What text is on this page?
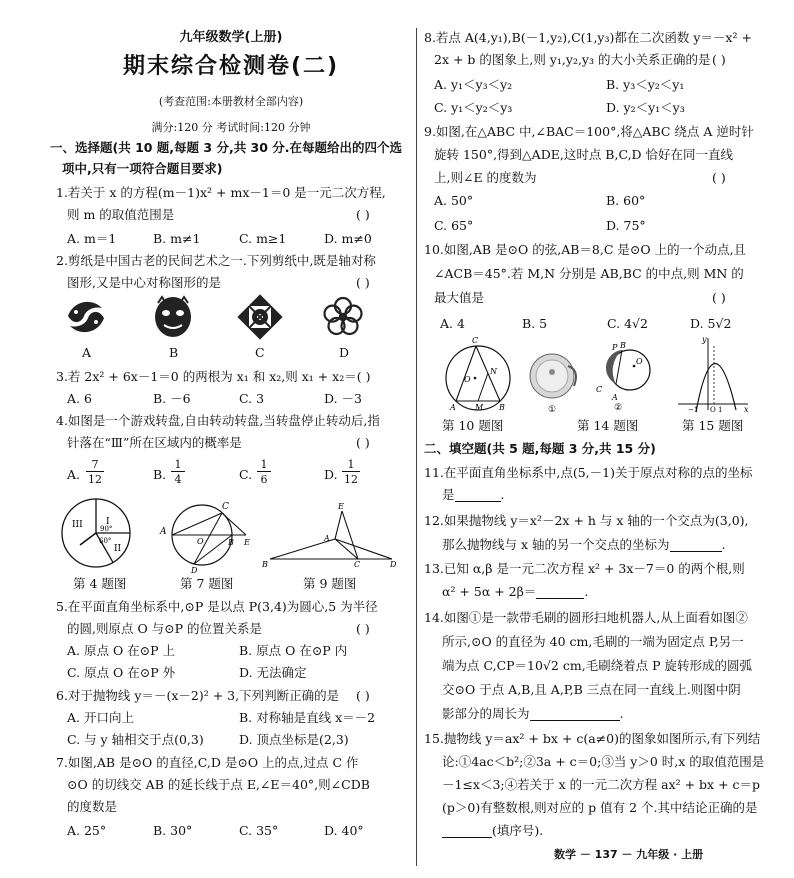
九年级数学(上册)
期末综合检测卷(二)
(考查范围:本册教材全部内容)
满分:120 分 考试时间:120 分钟
一、选择题(共 10 题,每题 3 分,共 30 分.在每题给出的四个选
项中,只有一项符合题目要求)
1.若关于 x 的方程(m－1)x² + mx－1＝0 是一元二次方程,
则 m 的取值范围是	( )
A. m＝1	B. m≠1	C. m≥1	D. m≠0
2.剪纸是中国古老的民间艺术之一.下列剪纸中,既是轴对称
图形,又是中心对称图形的是	( )
A	B	C	D
3.若 2x² + 6x－1＝0 的两根为 x₁ 和 x₂,则 x₁ + x₂＝( )
A. 6	B. －6	C. 3	D. －3
4.如图是一个游戏转盘,自由转动转盘,当转盘停止转动后,指
针落在“Ⅲ”所在区域内的概率是	( )
A.
7
12	B.
1
4	C.
1
6	D.
1
12
I
90°
60°
II
III
A
C
O	B E
D
B
A
E
C	D
第 4 题图	第 7 题图	第 9 题图
5.在平面直角坐标系中,⊙P 是以点 P(3,4)为圆心,5 为半径
的圆,则原点 O 与⊙P 的位置关系是	( )
A. 原点 O 在⊙P 上	B. 原点 O 在⊙P 内
C. 原点 O 在⊙P 外	D. 无法确定
6.对于抛物线 y＝－(x－2)² + 3,下列判断正确的是 ( )
A. 开口向上	B. 对称轴是直线 x＝－2
C. 与 y 轴相交于点(0,3)	D. 顶点坐标是(2,3)
7.如图,AB 是⊙O 的直径,C,D 是⊙O 上的点,过点 C 作
⊙O 的切线交 AB 的延长线于点 E,∠E＝40°,则∠CDB
的度数是
A. 25°	B. 30°	C. 35°	D. 40°
8.若点 A(4,y₁),B(－1,y₂),C(1,y₃)都在二次函数 y＝－x² +
2x + b 的图象上,则 y₁,y₂,y₃ 的大小关系正确的是 ( )
A. y₁＜y₃＜y₂	B. y₃＜y₂＜y₁
C. y₁＜y₂＜y₃	D. y₂＜y₁＜y₃
9.如图,在△ABC 中,∠BAC＝100°,将△ABC 绕点 A 逆时针
旋转 150°,得到△ADE,这时点 B,C,D 恰好在同一直线
上,则∠E 的度数为	( )
A. 50°	B. 60°
C. 65°	D. 75°
10.如图,AB 是⊙O 的弦,AB＝8,C 是⊙O 上的一个动点,且
∠ACB＝45°.若 M,N 分别是 AB,BC 的中点,则 MN 的
最大值是	( )
A. 4	B. 5	C. 4√2	D. 5√2
C
O
N
A M B	①
P
O
B
C
A
②
y
x
−1 O 1
第 10 题图	第 14 题图	第 15 题图
二、填空题(共 5 题,每题 3 分,共 15 分)
11.在平面直角坐标系中,点(5,－1)关于原点对称的点的坐标
是	.
12.如果抛物线 y＝x²－2x + h 与 x 轴的一个交点为(3,0),
那么抛物线与 x 轴的另一个交点的坐标为	.
13.已知 α,β 是一元二次方程 x² + 3x－7＝0 的两个根,则
α² + 5α + 2β＝	.
14.如图①是一款带毛刷的圆形扫地机器人,从上面看如图②
所示,⊙O 的直径为 40 cm,毛刷的一端为固定点 P,另一
端为点 C,CP＝10√2 cm,毛刷绕着点 P 旋转形成的圆弧
交⊙O 于点 A,B,且 A,P,B 三点在同一直线上.则图中阴
影部分的周长为	.
15.抛物线 y＝ax² + bx + c(a≠0)的图象如图所示,有下列结
论:①4ac＜b²;②3a + c＝0;③当 y＞0 时,x 的取值范围是
－1≤x＜3;④若关于 x 的一元二次方程 ax² + bx + c＝p
(p＞0)有整数根,则对应的 p 值有 2 个.其中结论正确的是
(填序号).
数学 － 137 － 九年级 · 上册
